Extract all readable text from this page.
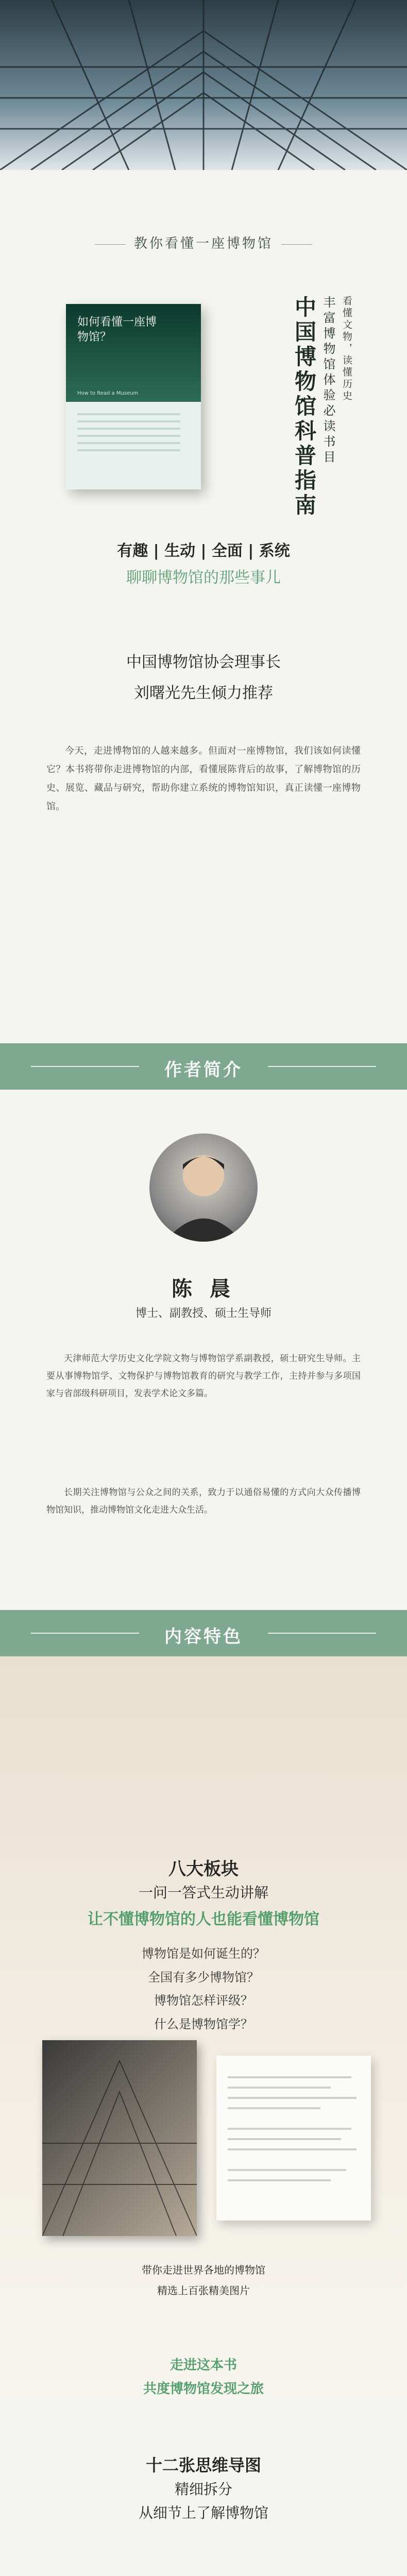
教你看懂一座博物馆
如何看懂一座博物馆？
How to Read a Museum	中国博物馆科普指南 丰富博物馆体验必读书目 看懂文物，读懂历史
有趣 | 生动 | 全面 | 系统
聊聊博物馆的那些事儿
中国博物馆协会理事长
刘曙光先生倾力推荐
今天，走进博物馆的人越来越多。但面对一座博物馆，我们该如何读懂它？本书将带你走进博物馆的内部，看懂展陈背后的故事，了解博物馆的历史、展览、藏品与研究，帮助你建立系统的博物馆知识，真正读懂一座博物馆。
作者简介
陈 晨
博士、副教授、硕士生导师
天津师范大学历史文化学院文物与博物馆学系副教授，硕士研究生导师。主要从事博物馆学、文物保护与博物馆教育的研究与教学工作，主持并参与多项国家与省部级科研项目，发表学术论文多篇。
长期关注博物馆与公众之间的关系，致力于以通俗易懂的方式向大众传播博物馆知识，推动博物馆文化走进大众生活。
内容特色
八大板块
一问一答式生动讲解
让不懂博物馆的人也能看懂博物馆
博物馆是如何诞生的？
全国有多少博物馆？
博物馆怎样评级？
什么是博物馆学？
带你走进世界各地的博物馆
精选上百张精美图片
走进这本书
共度博物馆发现之旅
十二张思维导图
精细拆分
从细节上了解博物馆
